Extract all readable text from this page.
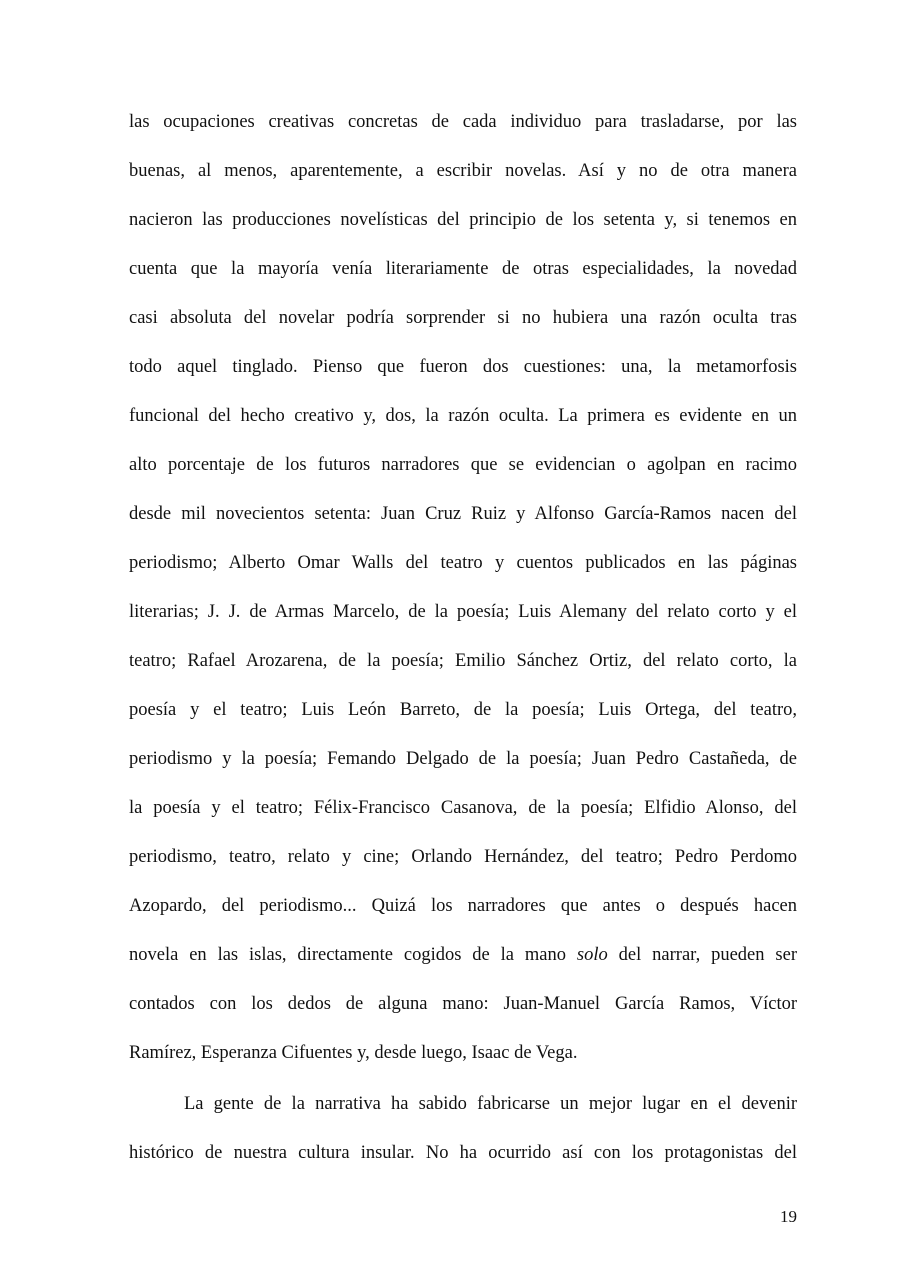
las ocupaciones creativas concretas de cada individuo para trasladarse, por las
buenas, al menos, aparentemente, a escribir novelas. Así y no de otra manera
nacieron las producciones novelísticas del principio de los setenta y, si tenemos en
cuenta que la mayoría venía literariamente de otras especialidades, la novedad
casi absoluta del novelar podría sorprender si no hubiera una razón oculta tras
todo aquel tinglado. Pienso que fueron dos cuestiones: una, la metamorfosis
funcional del hecho creativo y, dos, la razón oculta. La primera es evidente en un
alto porcentaje de los futuros narradores que se evidencian o agolpan en racimo
desde mil novecientos setenta: Juan Cruz Ruiz y Alfonso García-Ramos nacen del
periodismo; Alberto Omar Walls del teatro y cuentos publicados en las páginas
literarias; J. J. de Armas Marcelo, de la poesía; Luis Alemany del relato corto y el
teatro; Rafael Arozarena, de la poesía; Emilio Sánchez Ortiz, del relato corto, la
poesía y el teatro; Luis León Barreto, de la poesía; Luis Ortega, del teatro,
periodismo y la poesía; Femando Delgado de la poesía; Juan Pedro Castañeda, de
la poesía y el teatro; Félix-Francisco Casanova, de la poesía; Elfidio Alonso, del
periodismo, teatro, relato y cine; Orlando Hernández, del teatro; Pedro Perdomo
Azopardo, del periodismo... Quizá los narradores que antes o después hacen
novela en las islas, directamente cogidos de la mano solo del narrar, pueden ser
contados con los dedos de alguna mano: Juan-Manuel García Ramos, Víctor
Ramírez, Esperanza Cifuentes y, desde luego, Isaac de Vega.
La gente de la narrativa ha sabido fabricarse un mejor lugar en el devenir
histórico de nuestra cultura insular. No ha ocurrido así con los protagonistas del
19
